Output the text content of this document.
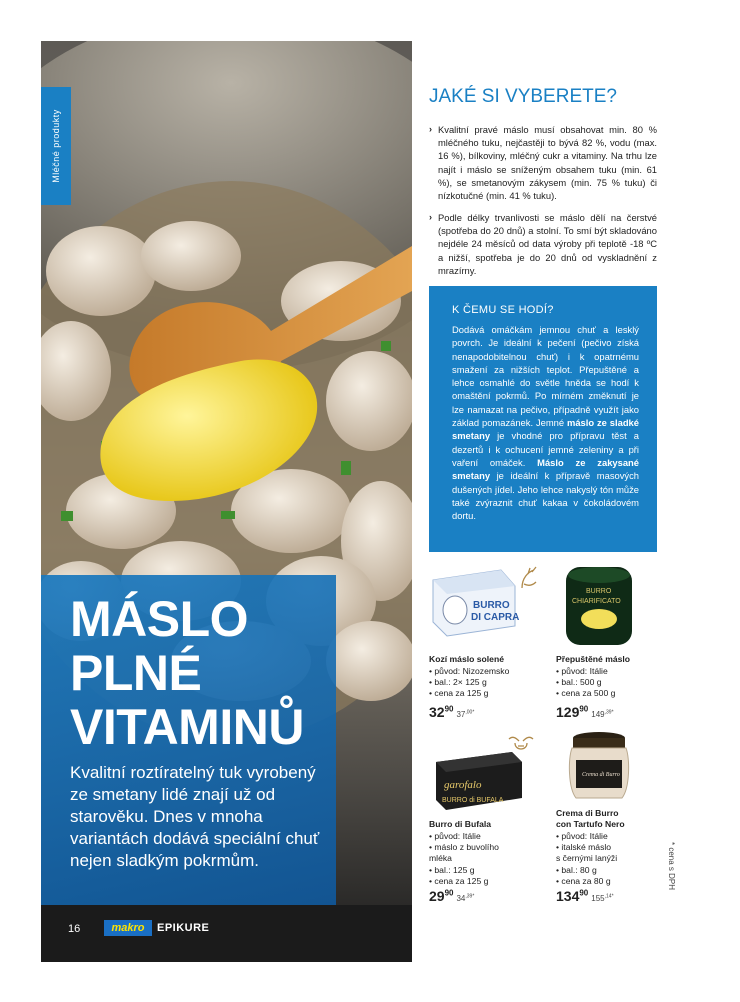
Mléčné produkty
MÁSLO
PLNÉ
VITAMINŮ
Kvalitní roztíratelný tuk vyrobený ze smetany lidé znají už od starověku. Dnes v mnoha variantách dodává speciální chuť nejen sladkým pokrmům.
16	makro	EPIKURE
JAKÉ SI VYBERETE?
› Kvalitní pravé máslo musí obsahovat min. 80 % mléčného tuku, nejčastěji to bývá 82 %, vodu (max. 16 %), bílkoviny, mléčný cukr a vitaminy. Na trhu lze najít i máslo se sníženým obsahem tuku (min. 61 %), se smetanovým zákysem (min. 75 % tuku) či nízkotučné (min. 41 % tuku).
› Podle délky trvanlivosti se máslo dělí na čerstvé (spotřeba do 20 dnů) a stolní. To smí být skladováno nejdéle 24 měsíců od data výroby při teplotě -18 ºC a nižší, spotřeba je do 20 dnů od vyskladnění z mrazírny.
K ČEMU SE HODÍ?
Dodává omáčkám jemnou chuť a lesklý povrch. Je ideální k pečení (pečivo získá nenapodobitelnou chuť) i k opatrnému smažení za nižších teplot. Přepuštěné a lehce osmahlé do světle hněda se hodí k omaštění pokrmů. Po mírném změknutí je lze namazat na pečivo, případně využít jako základ pomazánek. Jemné máslo ze sladké smetany je vhodné pro přípravu těst a dezertů i k ochucení jemné zeleniny a při vaření omáček. Máslo ze zakysané smetany je ideální k přípravě masových dušených jídel. Jeho lehce nakyslý tón může také zvýraznit chuť kakaa v čokoládovém dortu.
BURRO
DI CAPRA
Kozí máslo solené
• původ: Nizozemsko
• bal.: 2× 125 g
• cena za 125 g
$32^{90}37^{,00*}$
BURRO
CHIARIFICATO
Přepuštěné máslo
• původ: Itálie
• bal.: 500 g
• cena za 500 g
$129^{90}149^{,39*}$
garofalo
BURRO di BUFALA
Burro di Bufala
• původ: Itálie
• máslo z buvolího
mléka
• bal.: 125 g
• cena za 125 g
$29^{90}34^{,39*}$
Crema di Burro
Crema di Burro
con Tartufo Nero
• původ: Itálie
• italské máslo
s černými lanýži
• bal.: 80 g
• cena za 80 g
$134^{90}155^{,14*}$
* cena s DPH
